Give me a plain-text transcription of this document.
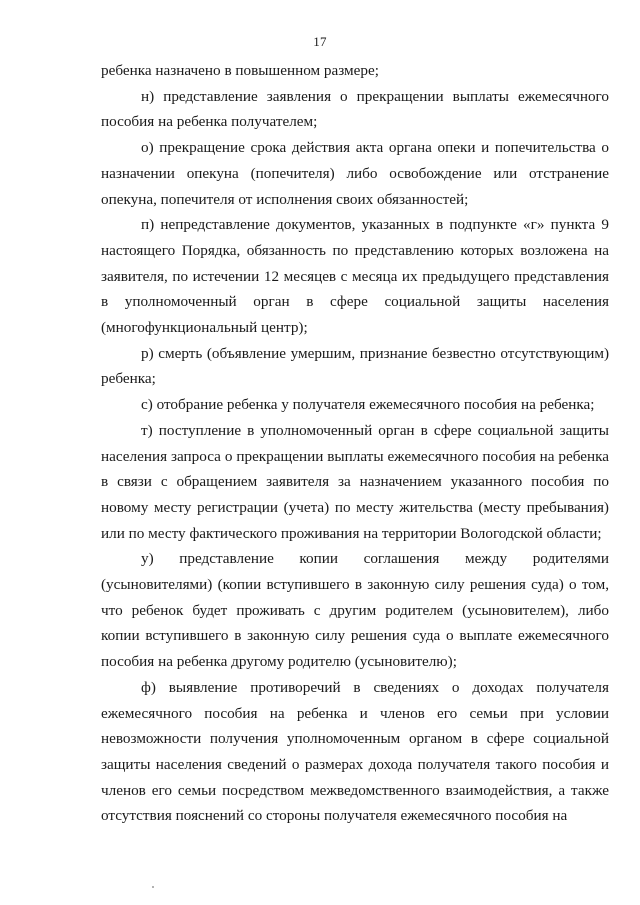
17

ребенка назначено в повышенном размере;

н) представление заявления о прекращении выплаты ежемесячного пособия на ребенка получателем;

о) прекращение срока действия акта органа опеки и попечительства о назначении опекуна (попечителя) либо освобождение или отстранение опекуна, попечителя от исполнения своих обязанностей;

п) непредставление документов, указанных в подпункте «г» пункта 9 настоящего Порядка, обязанность по представлению которых возложена на заявителя, по истечении 12 месяцев с месяца их предыдущего представления в уполномоченный орган в сфере социальной защиты населения (многофункциональный центр);

р) смерть (объявление умершим, признание безвестно отсутствующим) ребенка;

с) отобрание ребенка у получателя ежемесячного пособия на ребенка;

т) поступление в уполномоченный орган в сфере социальной защиты населения запроса о прекращении выплаты ежемесячного пособия на ребенка в связи с обращением заявителя за назначением указанного пособия по новому месту регистрации (учета) по месту жительства (месту пребывания) или по месту фактического проживания на территории Вологодской области;

у) представление копии соглашения между родителями (усыновителями) (копии вступившего в законную силу решения суда) о том, что ребенок будет проживать с другим родителем (усыновителем), либо копии вступившего в законную силу решения суда о выплате ежемесячного пособия на ребенка другому родителю (усыновителю);

ф) выявление противоречий в сведениях о доходах получателя ежемесячного пособия на ребенка и членов его семьи при условии невозможности получения уполномоченным органом в сфере социальной защиты населения сведений о размерах дохода получателя такого пособия и членов его семьи посредством межведомственного взаимодействия, а также отсутствия пояснений со стороны получателя ежемесячного пособия на
